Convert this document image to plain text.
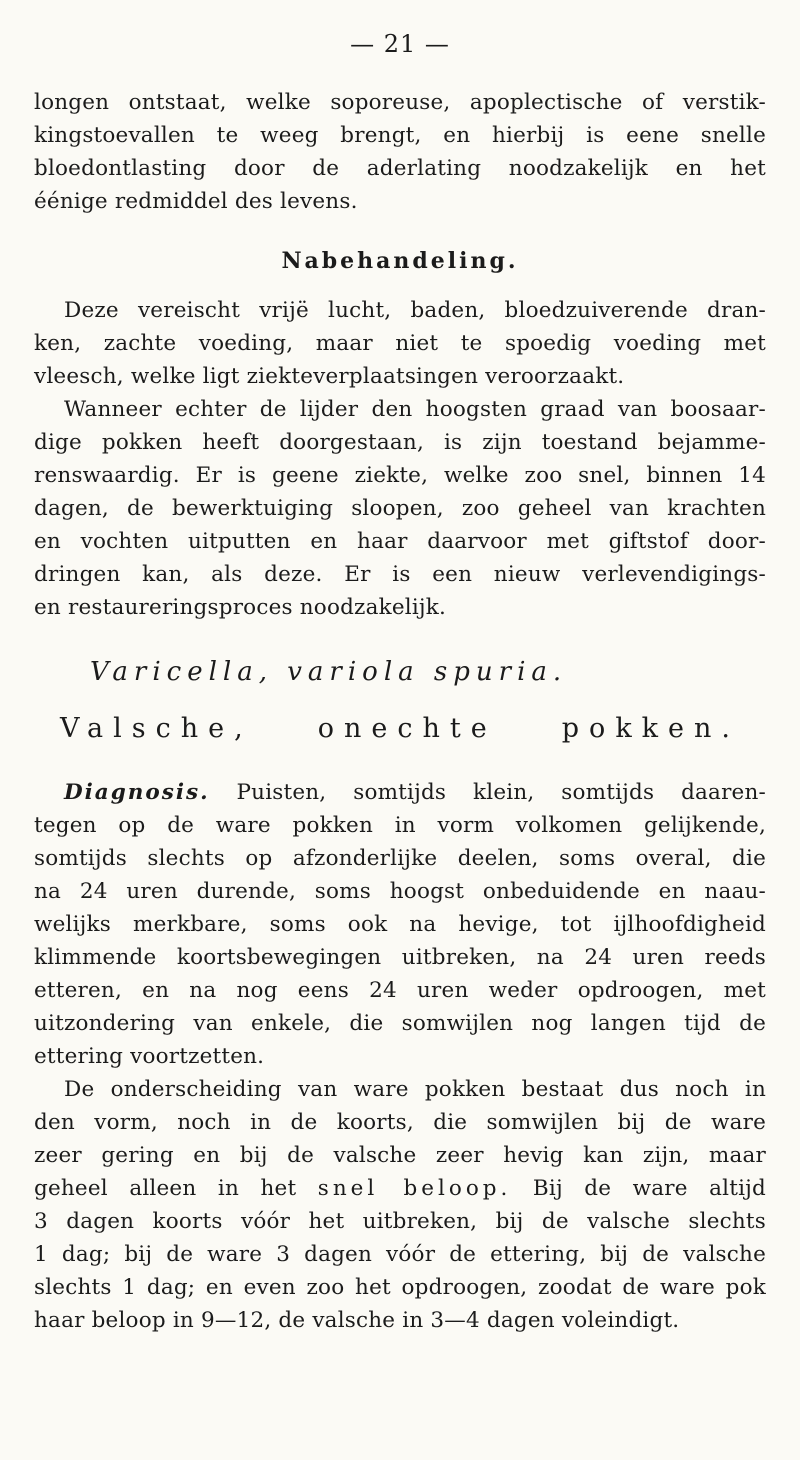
— 21 —
longen ontstaat, welke soporeuse, apoplectische of verstik-
kingstoevallen te weeg brengt, en hierbij is eene snelle
bloedontlasting door de aderlating noodzakelijk en het
éénige redmiddel des levens.
Nabehandeling.
Deze vereischt vrijë lucht, baden, bloedzuiverende dran-
ken, zachte voeding, maar niet te spoedig voeding met
vleesch, welke ligt ziekteverplaatsingen veroorzaakt.
Wanneer echter de lijder den hoogsten graad van boosaar-
dige pokken heeft doorgestaan, is zijn toestand bejamme-
renswaardig. Er is geene ziekte, welke zoo snel, binnen 14
dagen, de bewerktuiging sloopen, zoo geheel van krachten
en vochten uitputten en haar daarvoor met giftstof door-
dringen kan, als deze. Er is een nieuw verlevendigings-
en restaureringsproces noodzakelijk.
Varicella, variola spuria.
Valsche, onechte pokken.
Diagnosis. Puisten, somtijds klein, somtijds daaren-
tegen op de ware pokken in vorm volkomen gelijkende,
somtijds slechts op afzonderlijke deelen, soms overal, die
na 24 uren durende, soms hoogst onbeduidende en naau-
welijks merkbare, soms ook na hevige, tot ijlhoofdigheid
klimmende koortsbewegingen uitbreken, na 24 uren reeds
etteren, en na nog eens 24 uren weder opdroogen, met
uitzondering van enkele, die somwijlen nog langen tijd de
ettering voortzetten.
De onderscheiding van ware pokken bestaat dus noch in
den vorm, noch in de koorts, die somwijlen bij de ware
zeer gering en bij de valsche zeer hevig kan zijn, maar
geheel alleen in het snel beloop. Bij de ware altijd
3 dagen koorts vóór het uitbreken, bij de valsche slechts
1 dag; bij de ware 3 dagen vóór de ettering, bij de valsche
slechts 1 dag; en even zoo het opdroogen, zoodat de ware pok
haar beloop in 9—12, de valsche in 3—4 dagen voleindigt.
